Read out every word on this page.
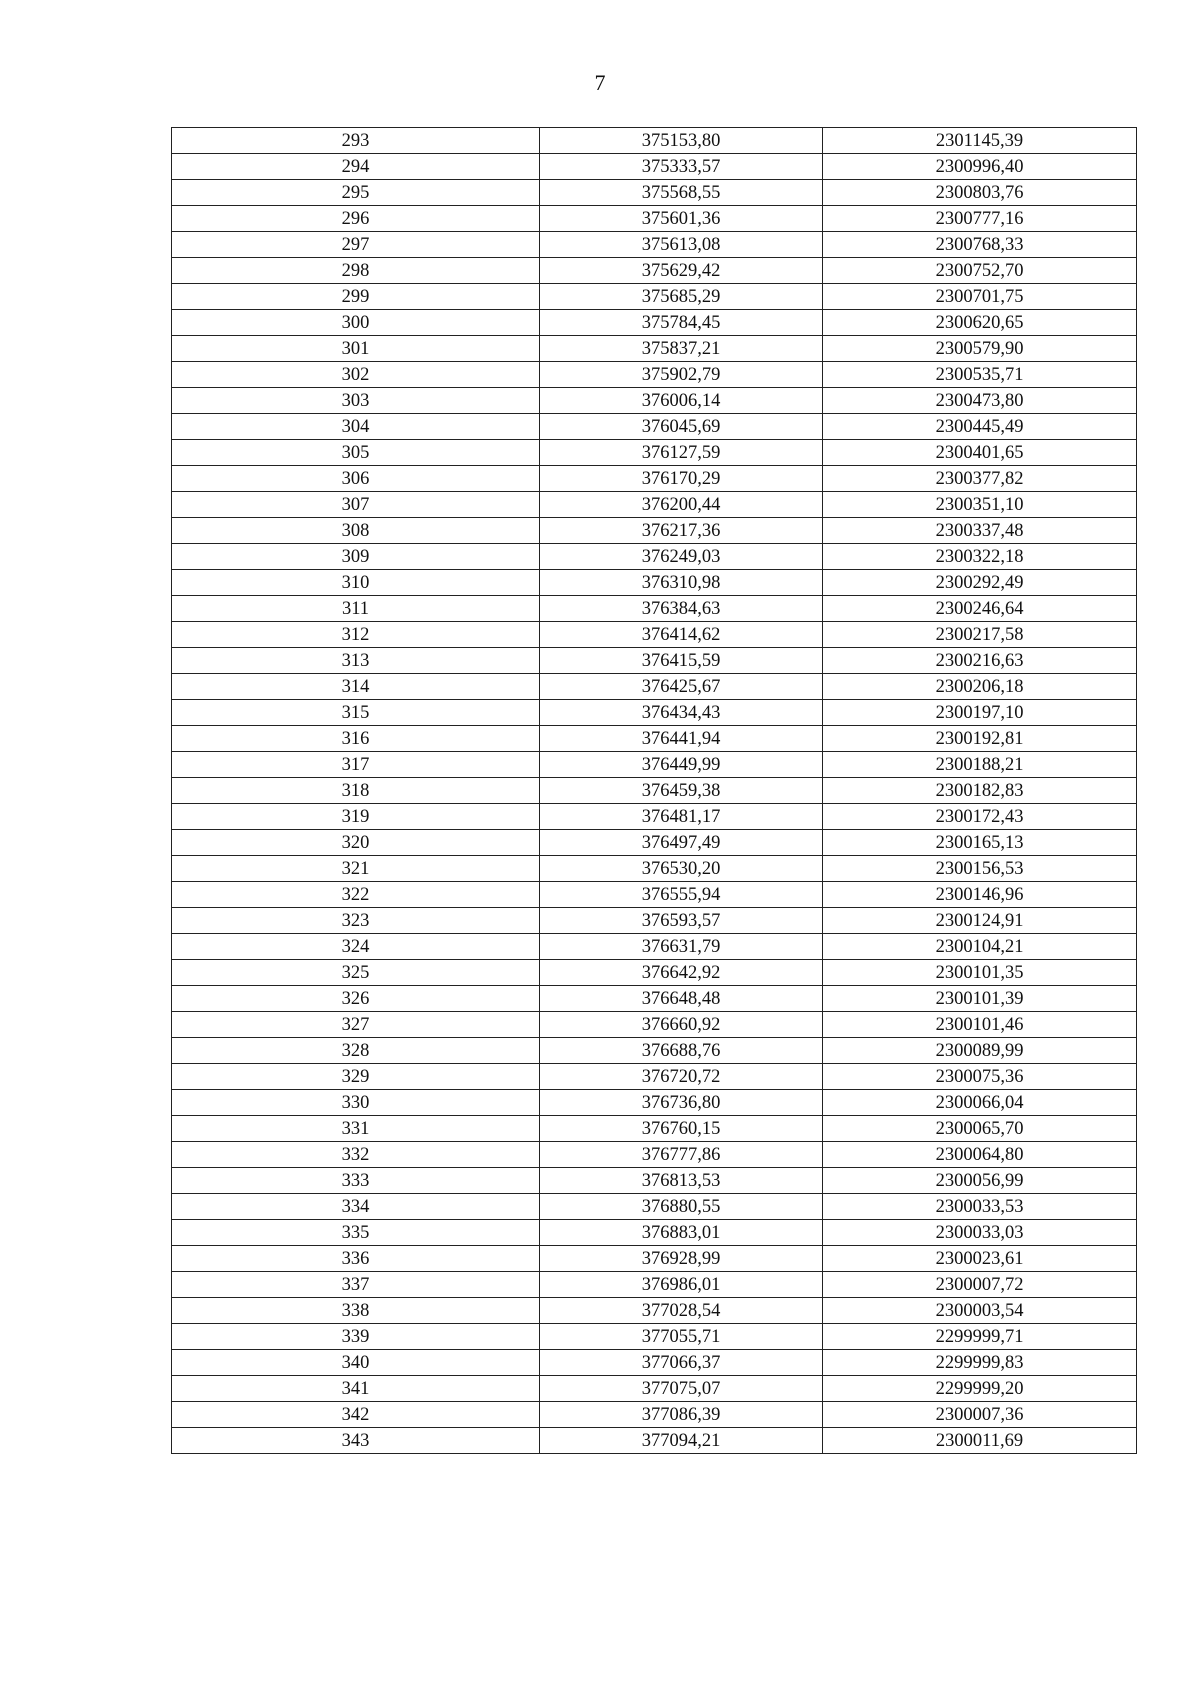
7
293	375153,80	2301145,39
294	375333,57	2300996,40
295	375568,55	2300803,76
296	375601,36	2300777,16
297	375613,08	2300768,33
298	375629,42	2300752,70
299	375685,29	2300701,75
300	375784,45	2300620,65
301	375837,21	2300579,90
302	375902,79	2300535,71
303	376006,14	2300473,80
304	376045,69	2300445,49
305	376127,59	2300401,65
306	376170,29	2300377,82
307	376200,44	2300351,10
308	376217,36	2300337,48
309	376249,03	2300322,18
310	376310,98	2300292,49
311	376384,63	2300246,64
312	376414,62	2300217,58
313	376415,59	2300216,63
314	376425,67	2300206,18
315	376434,43	2300197,10
316	376441,94	2300192,81
317	376449,99	2300188,21
318	376459,38	2300182,83
319	376481,17	2300172,43
320	376497,49	2300165,13
321	376530,20	2300156,53
322	376555,94	2300146,96
323	376593,57	2300124,91
324	376631,79	2300104,21
325	376642,92	2300101,35
326	376648,48	2300101,39
327	376660,92	2300101,46
328	376688,76	2300089,99
329	376720,72	2300075,36
330	376736,80	2300066,04
331	376760,15	2300065,70
332	376777,86	2300064,80
333	376813,53	2300056,99
334	376880,55	2300033,53
335	376883,01	2300033,03
336	376928,99	2300023,61
337	376986,01	2300007,72
338	377028,54	2300003,54
339	377055,71	2299999,71
340	377066,37	2299999,83
341	377075,07	2299999,20
342	377086,39	2300007,36
343	377094,21	2300011,69
